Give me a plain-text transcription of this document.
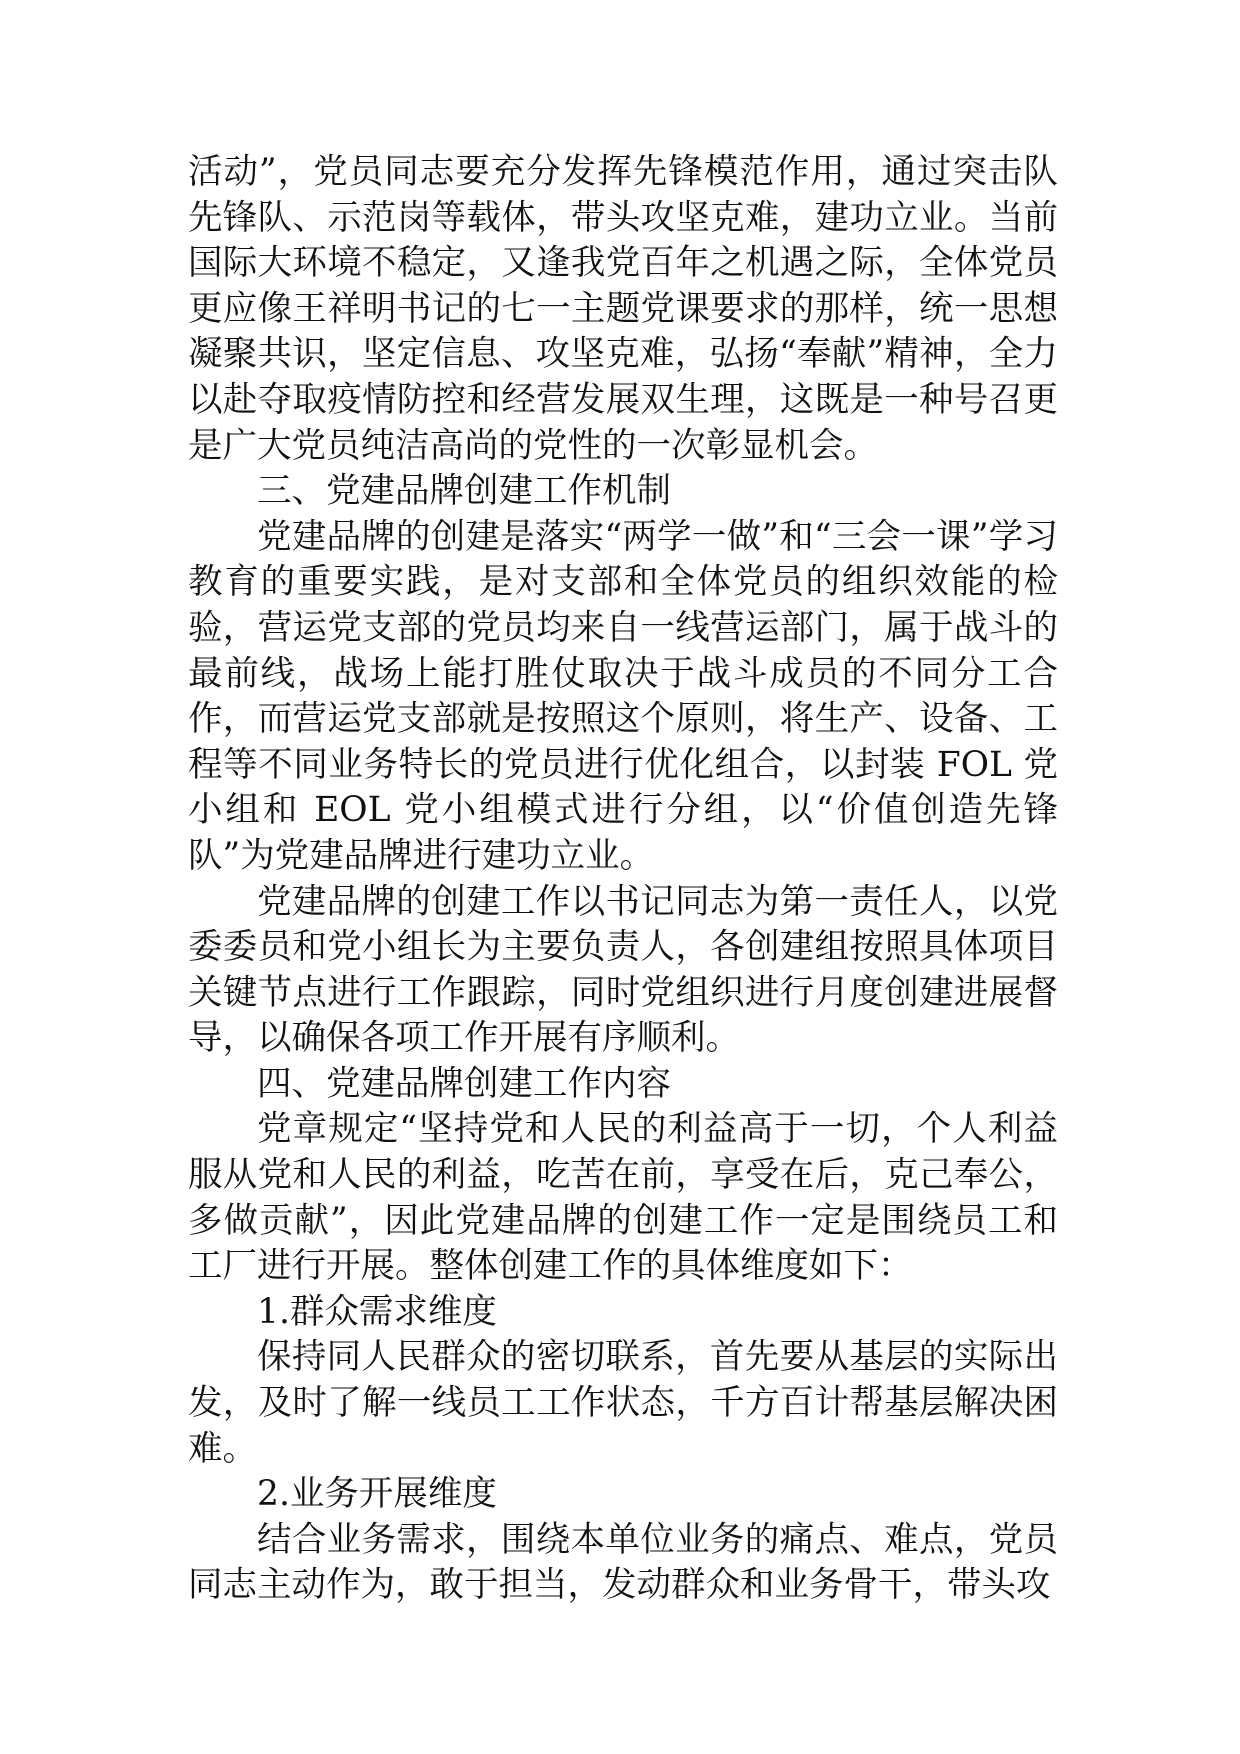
活动”，党员同志要充分发挥先锋模范作用，通过突击队先锋队、示范岗等载体，带头攻坚克难，建功立业。当前国际大环境不稳定，又逢我党百年之机遇之际，全体党员更应像王祥明书记的七一主题党课要求的那样，统一思想凝聚共识，坚定信息、攻坚克难，弘扬“奉献”精神，全力以赴夺取疫情防控和经营发展双生理，这既是一种号召更是广大党员纯洁高尚的党性的一次彰显机会。

三、党建品牌创建工作机制

党建品牌的创建是落实“两学一做”和“三会一课”学习教育的重要实践，是对支部和全体党员的组织效能的检验，营运党支部的党员均来自一线营运部门，属于战斗的最前线，战场上能打胜仗取决于战斗成员的不同分工合作，而营运党支部就是按照这个原则，将生产、设备、工程等不同业务特长的党员进行优化组合，以封装 FOL 党小组和 EOL 党小组模式进行分组，以“价值创造先锋队”为党建品牌进行建功立业。

党建品牌的创建工作以书记同志为第一责任人，以党委委员和党小组长为主要负责人，各创建组按照具体项目关键节点进行工作跟踪，同时党组织进行月度创建进展督导，以确保各项工作开展有序顺利。

四、党建品牌创建工作内容

党章规定“坚持党和人民的利益高于一切，个人利益服从党和人民的利益，吃苦在前，享受在后，克己奉公，多做贡献”，因此党建品牌的创建工作一定是围绕员工和工厂进行开展。整体创建工作的具体维度如下：

1.群众需求维度

保持同人民群众的密切联系，首先要从基层的实际出发，及时了解一线员工工作状态，千方百计帮基层解决困难。

2.业务开展维度

结合业务需求，围绕本单位业务的痛点、难点，党员同志主动作为，敢于担当，发动群众和业务骨干，带头攻
